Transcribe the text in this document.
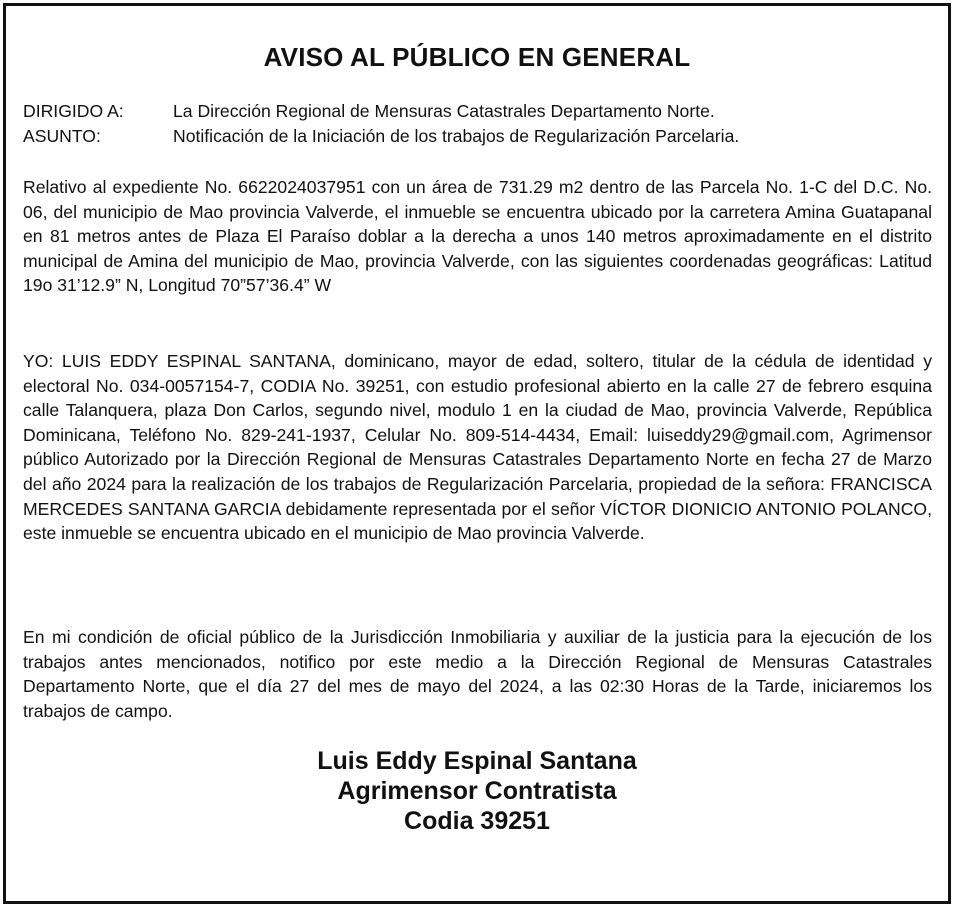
AVISO AL PÚBLICO EN GENERAL
DIRIGIDO A:	La Dirección Regional de Mensuras Catastrales Departamento Norte.
ASUNTO:	Notificación de la Iniciación de los trabajos de Regularización Parcelaria.

Relativo al expediente No. 6622024037951 con un área de 731.29 m2 dentro de las Parcela No. 1-C del D.C. No. 06, del municipio de Mao provincia Valverde, el inmueble se encuentra ubicado por la carretera Amina Guatapanal en 81 metros antes de Plaza El Paraíso doblar a la derecha a unos 140 metros aproximadamente en el distrito municipal de Amina del municipio de Mao, provincia Valverde, con las siguientes coordenadas geográficas: Latitud 19o 31’12.9” N, Longitud 70”57’36.4” W

YO: LUIS EDDY ESPINAL SANTANA, dominicano, mayor de edad, soltero, titular de la cédula de identidad y electoral No. 034-0057154-7, CODIA No. 39251, con estudio profesional abierto en la calle 27 de febrero esquina calle Talanquera, plaza Don Carlos, segundo nivel, modulo 1 en la ciudad de Mao, provincia Valverde, República Dominicana, Teléfono No. 829-241-1937, Celular No. 809-514-4434, Email: luiseddy29@gmail.com, Agrimensor público Autorizado por la Dirección Regional de Mensuras Catastrales Departamento Norte en fecha 27 de Marzo del año 2024 para la realización de los trabajos de Regularización Parcelaria, propiedad de la señora: FRANCISCA MERCEDES SANTANA GARCIA debidamente representada por el señor VÍCTOR DIONICIO ANTONIO POLANCO, este inmueble se encuentra ubicado en el municipio de Mao provincia Valverde.

En mi condición de oficial público de la Jurisdicción Inmobiliaria y auxiliar de la justicia para la ejecución de los trabajos antes mencionados, notifico por este medio a la Dirección Regional de Mensuras Catastrales Departamento Norte, que el día 27 del mes de mayo del 2024, a las 02:30 Horas de la Tarde, iniciaremos los trabajos de campo.

Luis Eddy Espinal Santana
Agrimensor Contratista
Codia 39251
